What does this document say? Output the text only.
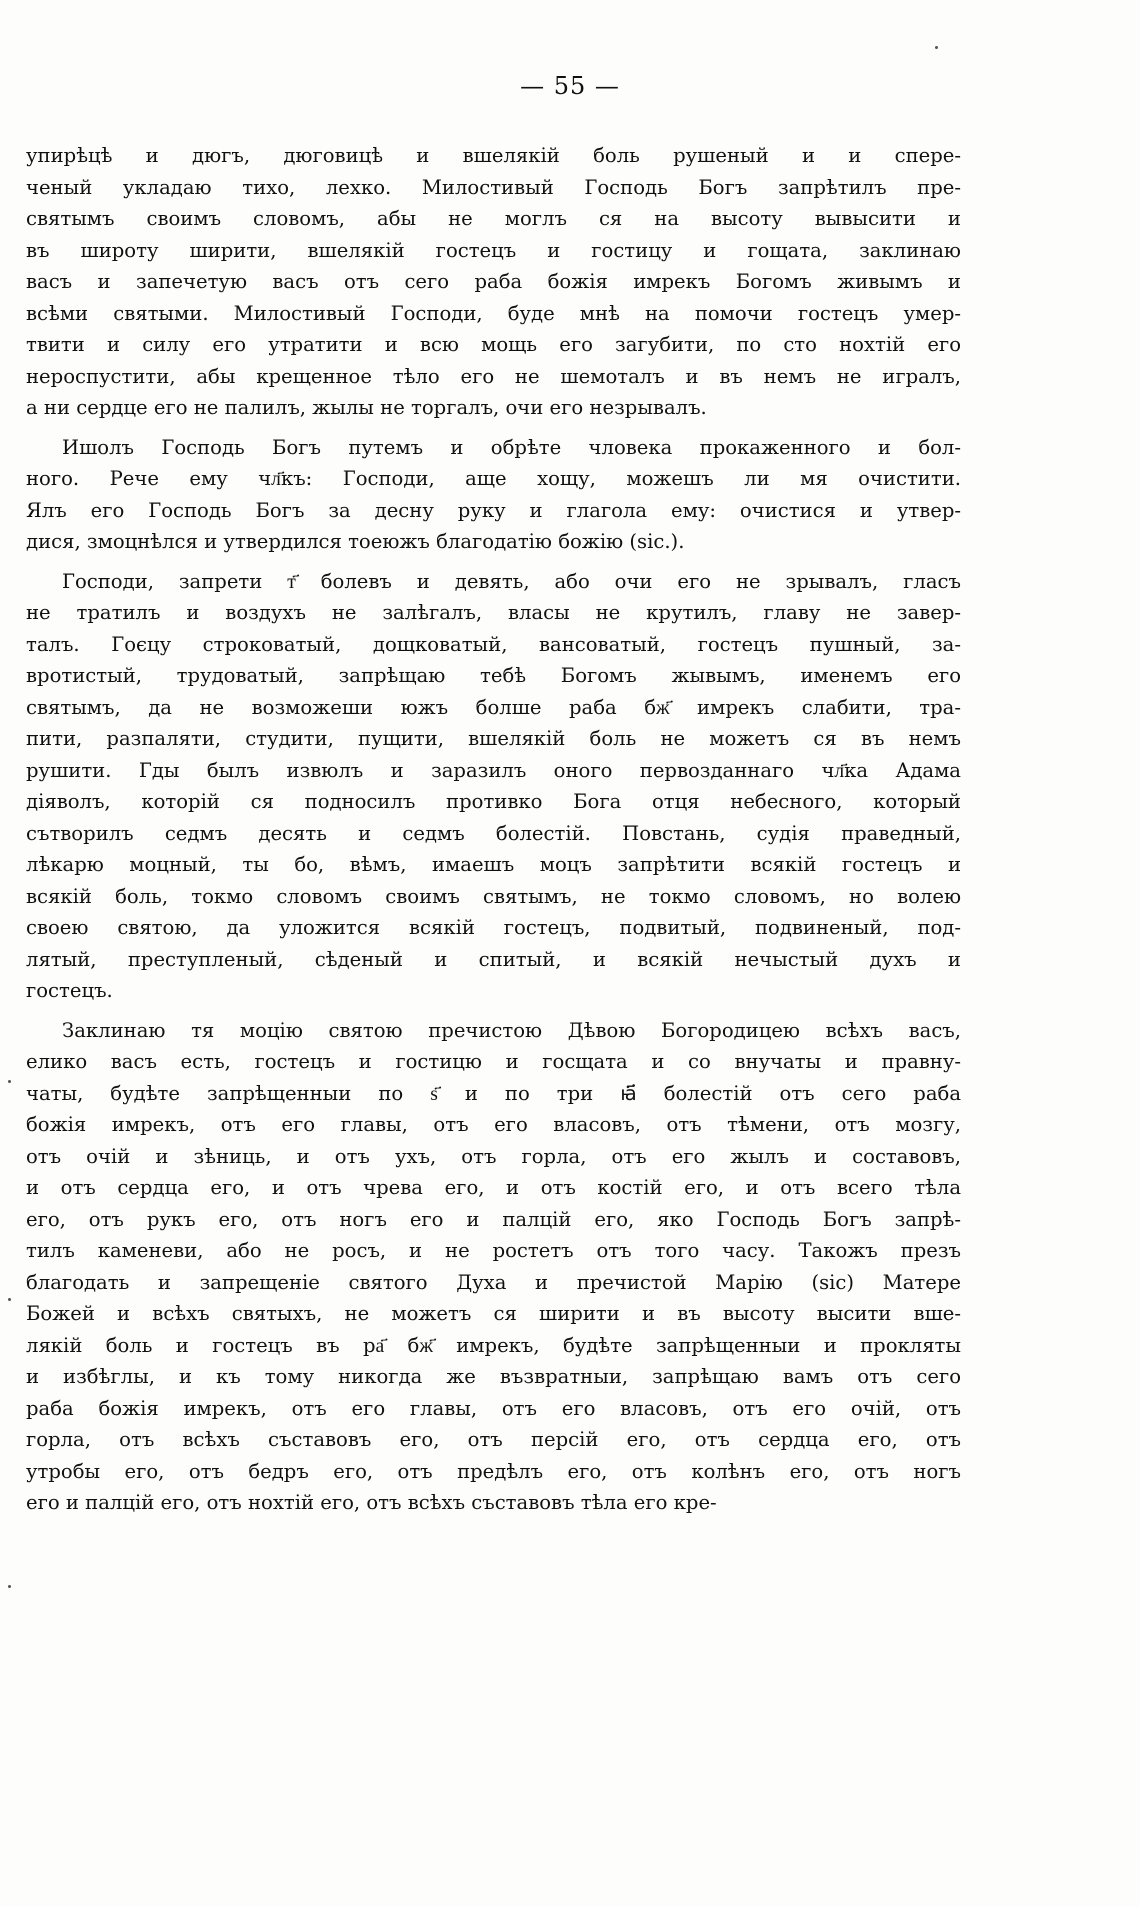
— 55 —
упирѣцѣ и дюгъ, дюговицѣ и вшелякій боль рушеный и и спере-
ченый укладаю тихо, лехко. Милостивый Господь Богъ запрѣтилъ пре-
святымъ своимъ словомъ, абы не моглъ ся на высоту вывысити и
въ широту ширити, вшелякій гостецъ и гостицу и гощата, заклинаю
васъ и запечетую васъ отъ сего раба божія имрекъ Богомъ живымъ и
всѣми святыми. Милостивый Господи, буде мнѣ на помочи гостецъ умер-
твити и силу его утратити и всю мощь его загубити, по сто нохтій его
нероспустити, абы крещенное тѣло его не шемоталъ и въ немъ не игралъ,
а ни сердце его не палилъ, жылы не торгалъ, очи его незрывалъ.
Ишолъ Господь Богъ путемъ и обрѣте чловека прокаженного и бол-
ного. Рече ему чл҃къ: Господи, аще хощу, можешъ ли мя очистити.
Ялъ его Господь Богъ за десну руку и глагола ему: очистися и утвер-
дися, змоцнѣлся и утвердился тоеюжъ благодатію божію (sic.).
Господи, запрети т҃ болевъ и девять, або очи его не зрывалъ, гласъ
не тратилъ и воздухъ не залѣгалъ, власы не крутилъ, главу не завер-
талъ. Гоєцу строковатый, дощковатый, вансоватый, гостецъ пушный, за-
вротистый, трудоватый, запрѣщаю тебѣ Богомъ жывымъ, именемъ его
святымъ, да не возможеши южъ болше раба бж҃ имрекъ слабити, тра-
пити, разпаляти, студити, пущити, вшелякій боль не можетъ ся въ немъ
рушити. Гды былъ извюлъ и заразилъ оного первозданнаго чл҃ка Адама
діяволъ, которій ся подносилъ противко Бога отця небесного, который
сътворилъ седмъ десять и седмъ болестій. Повстань, судія праведный,
лѣкарю моцный, ты бо, вѣмъ, имаешъ моцъ запрѣтити всякій гостецъ и
всякій боль, токмо словомъ своимъ святымъ, не токмо словомъ, но волею
своею святою, да уложится всякій гостецъ, подвитый, подвиненый, под-
лятый, преступленый, сѣденый и спитый, и всякій нечыстый духъ и
гостецъ.
Заклинаю тя моцію святою пречистою Дѣвою Богородицею всѣхъ васъ,
елико васъ есть, гостецъ и гостицю и госщата и со внучаты и правну-
чаты, будѣте запрѣщенныи по ѕ҃ и по три ꙗ҃ болестій отъ сего раба
божія имрекъ, отъ его главы, отъ его власовъ, отъ тѣмени, отъ мозгу,
отъ очій и зѣниць, и отъ ухъ, отъ горла, отъ его жылъ и составовъ,
и отъ сердца его, и отъ чрева его, и отъ костій его, и отъ всего тѣла
его, отъ рукъ его, отъ ногъ его и палцій его, яко Господь Богъ запрѣ-
тилъ каменеви, або не росъ, и не ростетъ отъ того часу. Такожъ презъ
благодать и запрещеніе святого Духа и пречистой Марію (sic) Матере
Божей и всѣхъ святыхъ, не можетъ ся ширити и въ высоту высити вше-
лякій боль и гостецъ въ ра҃ бж҃ имрекъ, будѣте запрѣщенныи и прокляты
и избѣглы, и къ тому никогда же възвратныи, запрѣщаю вамъ отъ сего
раба божія имрекъ, отъ его главы, отъ его власовъ, отъ его очій, отъ
горла, отъ всѣхъ съставовъ его, отъ персій его, отъ сердца его, отъ
утробы его, отъ бедръ его, отъ предѣлъ его, отъ колѣнъ его, отъ ногъ
его и палцій его, отъ нохтій его, отъ всѣхъ съставовъ тѣла его кре-
